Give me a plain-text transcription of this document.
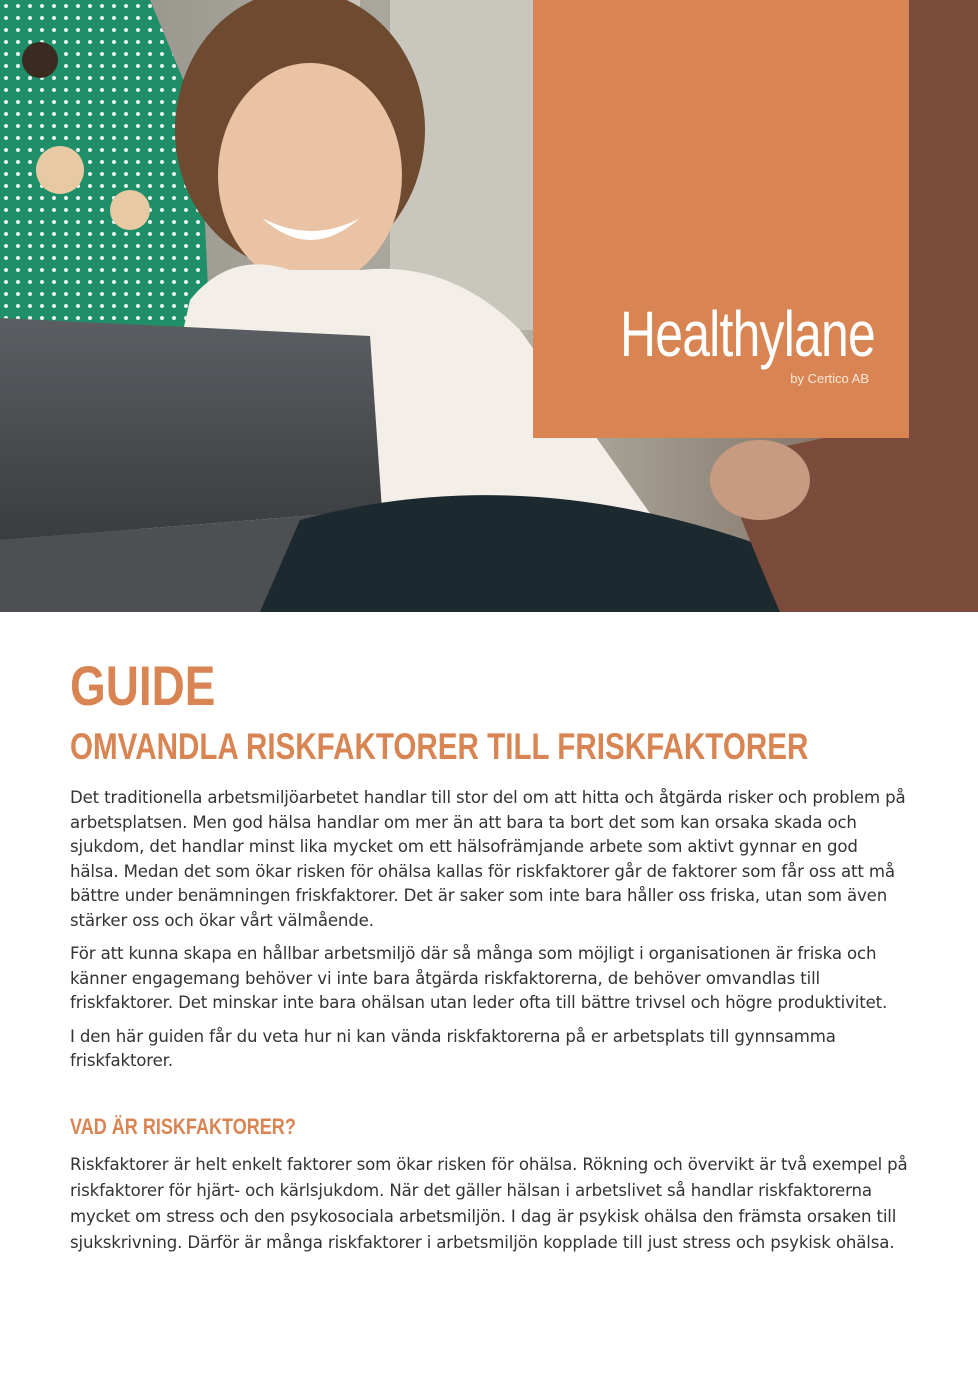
Healthylane
by Certico AB
GUIDE
OMVANDLA RISKFAKTORER TILL FRISKFAKTORER

Det traditionella arbetsmiljöarbetet handlar till stor del om att hitta och åtgärda risker och problem på arbetsplatsen. Men god hälsa handlar om mer än att bara ta bort det som kan orsaka skada och sjukdom, det handlar minst lika mycket om ett hälsofrämjande arbete som aktivt gynnar en god hälsa. Medan det som ökar risken för ohälsa kallas för riskfaktorer går de faktorer som får oss att må bättre under benämningen friskfaktorer. Det är saker som inte bara håller oss friska, utan som även stärker oss och ökar vårt välmående.

För att kunna skapa en hållbar arbetsmiljö där så många som möjligt i organisationen är friska och känner engagemang behöver vi inte bara åtgärda riskfaktorerna, de behöver omvandlas till friskfaktorer. Det minskar inte bara ohälsan utan leder ofta till bättre trivsel och högre produktivitet.

I den här guiden får du veta hur ni kan vända riskfaktorerna på er arbetsplats till gynnsamma friskfaktorer.

VAD ÄR RISKFAKTORER?

Riskfaktorer är helt enkelt faktorer som ökar risken för ohälsa. Rökning och övervikt är två exempel på riskfaktorer för hjärt- och kärlsjukdom. När det gäller hälsan i arbetslivet så handlar riskfaktorerna mycket om stress och den psykosociala arbetsmiljön. I dag är psykisk ohälsa den främsta orsaken till sjukskrivning. Därför är många riskfaktorer i arbetsmiljön kopplade till just stress och psykisk ohälsa.
